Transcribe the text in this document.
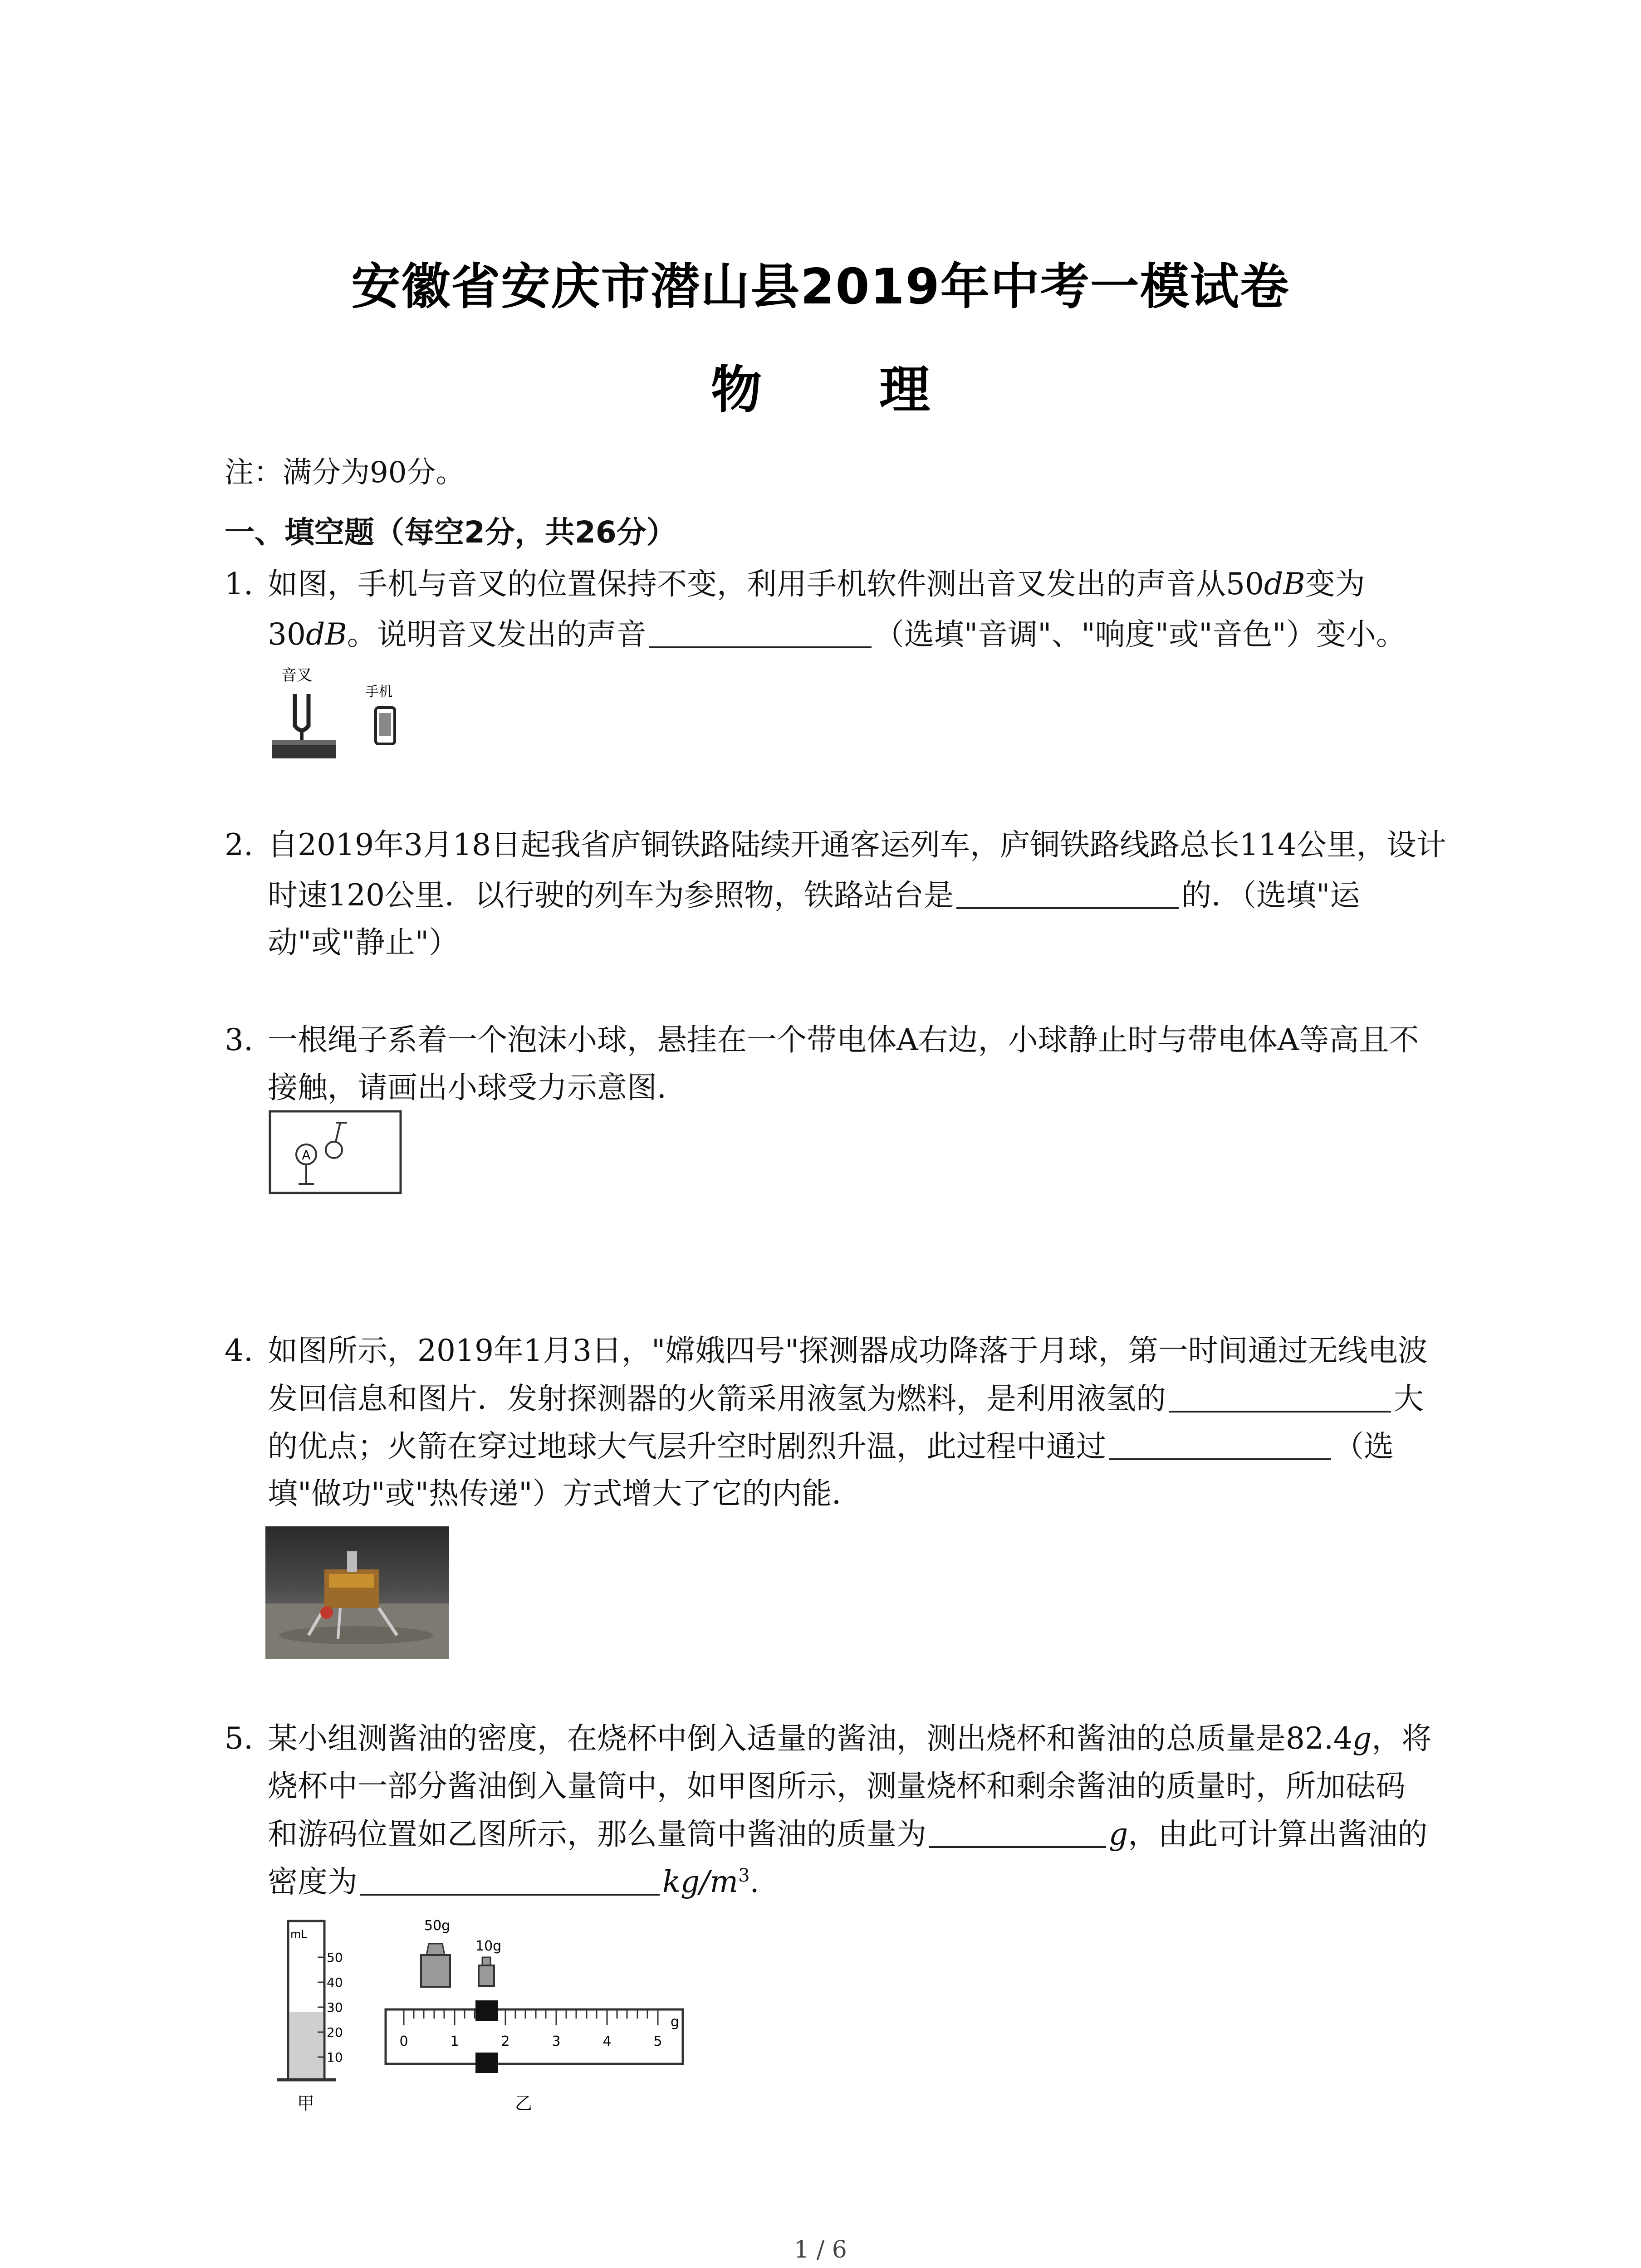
安徽省安庆市潜山县2019年中考一模试卷
物 理
注：满分为90分。
一、填空题（每空2分，共26分）
1. 如图，手机与音叉的位置保持不变，利用手机软件测出音叉发出的声音从50dB变为
30dB。说明音叉发出的声音	（选填"音调"、"响度"或"音色"）变小。
音叉
手机
2. 自2019年3月18日起我省庐铜铁路陆续开通客运列车，庐铜铁路线路总长114公里，设计
时速120公里．以行驶的列车为参照物，铁路站台是	的．（选填"运
动"或"静止"）
3. 一根绳子系着一个泡沫小球，悬挂在一个带电体A右边，小球静止时与带电体A等高且不
接触，请画出小球受力示意图．
A
4. 如图所示，2019年1月3日，"嫦娥四号"探测器成功降落于月球，第一时间通过无线电波
发回信息和图片．发射探测器的火箭采用液氢为燃料，是利用液氢的	大
的优点；火箭在穿过地球大气层升空时剧烈升温，此过程中通过	（选
填"做功"或"热传递"）方式增大了它的内能．
5. 某小组测酱油的密度，在烧杯中倒入适量的酱油，测出烧杯和酱油的总质量是82.4g，将
烧杯中一部分酱油倒入量筒中，如甲图所示，测量烧杯和剩余酱油的质量时，所加砝码
和游码位置如乙图所示，那么量筒中酱油的质量为	g，由此可计算出酱油的
密度为	$kg/m^3$.
mL
50
40
30
20
10
甲
50g
10g
0	1	2	3	4	5
g
乙
1 / 6
